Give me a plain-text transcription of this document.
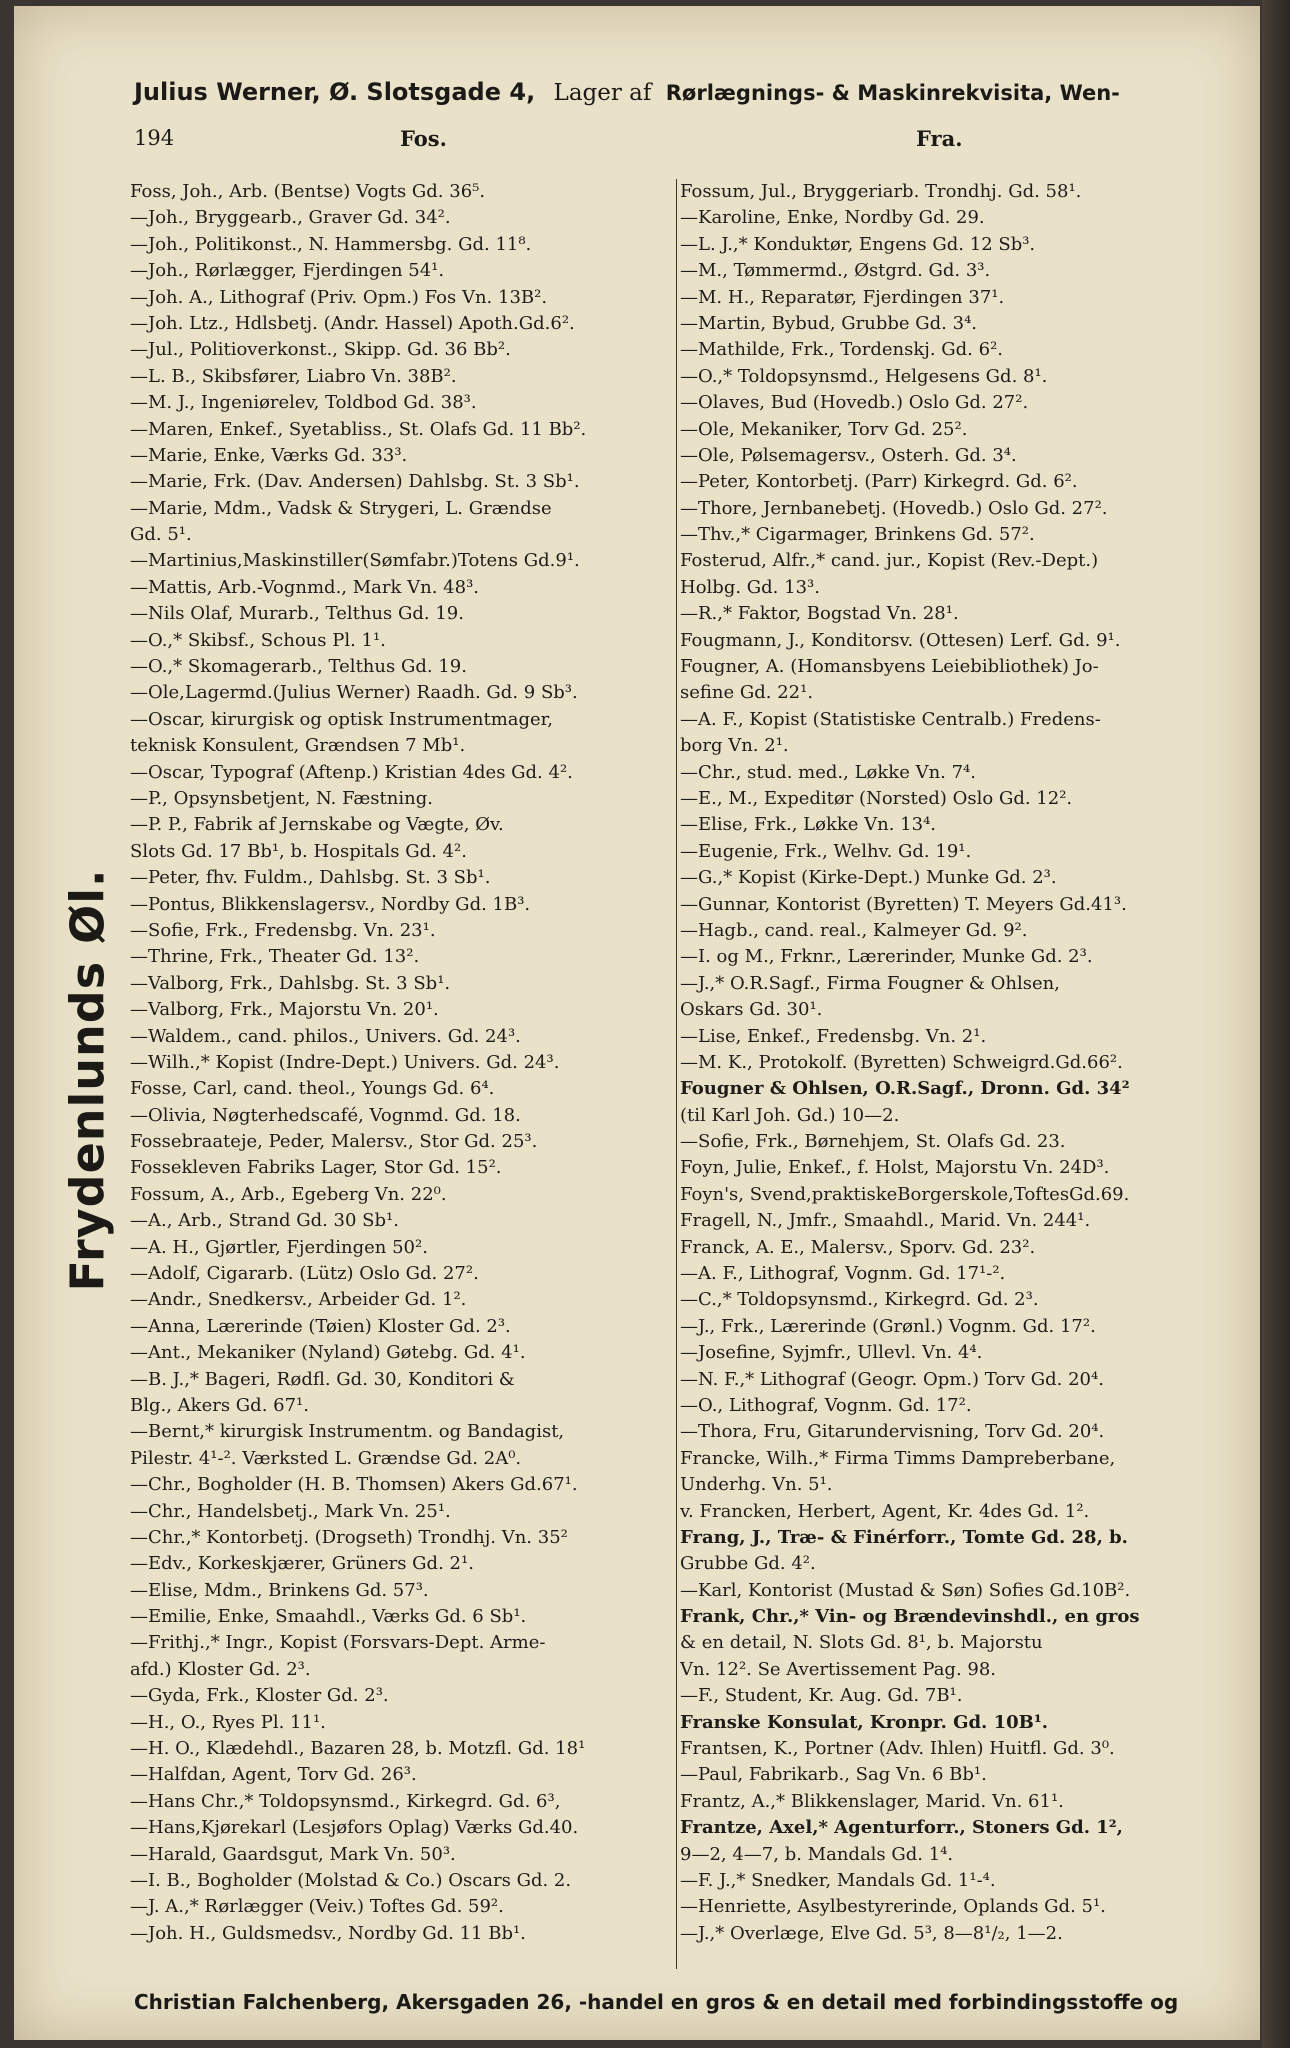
Julius Werner, Ø. Slotsgade 4, Lager af Rørlægnings- & Maskinrekvisita, Wen-
194	Fos.	Fra.
Frydenlunds Øl.
Foss, Joh., Arb. (Bentse) Vogts Gd. 36⁵.
—Joh., Bryggearb., Graver Gd. 34².
—Joh., Politikonst., N. Hammersbg. Gd. 11⁸.
—Joh., Rørlægger, Fjerdingen 54¹.
—Joh. A., Lithograf (Priv. Opm.) Fos Vn. 13B².
—Joh. Ltz., Hdlsbetj. (Andr. Hassel) Apoth.Gd.6².
—Jul., Politioverkonst., Skipp. Gd. 36 Bb².
—L. B., Skibsfører, Liabro Vn. 38B².
—M. J., Ingeniørelev, Toldbod Gd. 38³.
—Maren, Enkef., Syetabliss., St. Olafs Gd. 11 Bb².
—Marie, Enke, Værks Gd. 33³.
—Marie, Frk. (Dav. Andersen) Dahlsbg. St. 3 Sb¹.
—Marie, Mdm., Vadsk & Strygeri, L. Grændse
Gd. 5¹.
—Martinius,Maskinstiller(Sømfabr.)Totens Gd.9¹.
—Mattis, Arb.-Vognmd., Mark Vn. 48³.
—Nils Olaf, Murarb., Telthus Gd. 19.
—O.,* Skibsf., Schous Pl. 1¹.
—O.,* Skomagerarb., Telthus Gd. 19.
—Ole,Lagermd.(Julius Werner) Raadh. Gd. 9 Sb³.
—Oscar, kirurgisk og optisk Instrumentmager,
teknisk Konsulent, Grændsen 7 Mb¹.
—Oscar, Typograf (Aftenp.) Kristian 4des Gd. 4².
—P., Opsynsbetjent, N. Fæstning.
—P. P., Fabrik af Jernskabe og Vægte, Øv.
Slots Gd. 17 Bb¹, b. Hospitals Gd. 4².
—Peter, fhv. Fuldm., Dahlsbg. St. 3 Sb¹.
—Pontus, Blikkenslagersv., Nordby Gd. 1B³.
—Sofie, Frk., Fredensbg. Vn. 23¹.
—Thrine, Frk., Theater Gd. 13².
—Valborg, Frk., Dahlsbg. St. 3 Sb¹.
—Valborg, Frk., Majorstu Vn. 20¹.
—Waldem., cand. philos., Univers. Gd. 24³.
—Wilh.,* Kopist (Indre-Dept.) Univers. Gd. 24³.
Fosse, Carl, cand. theol., Youngs Gd. 6⁴.
—Olivia, Nøgterhedscafé, Vognmd. Gd. 18.
Fossebraateje, Peder, Malersv., Stor Gd. 25³.
Fossekleven Fabriks Lager, Stor Gd. 15².
Fossum, A., Arb., Egeberg Vn. 22⁰.
—A., Arb., Strand Gd. 30 Sb¹.
—A. H., Gjørtler, Fjerdingen 50².
—Adolf, Cigararb. (Lütz) Oslo Gd. 27².
—Andr., Snedkersv., Arbeider Gd. 1².
—Anna, Lærerinde (Tøien) Kloster Gd. 2³.
—Ant., Mekaniker (Nyland) Gøtebg. Gd. 4¹.
—B. J.,* Bageri, Rødfl. Gd. 30, Konditori &
Blg., Akers Gd. 67¹.
—Bernt,* kirurgisk Instrumentm. og Bandagist,
Pilestr. 4¹-². Værksted L. Grændse Gd. 2A⁰.
—Chr., Bogholder (H. B. Thomsen) Akers Gd.67¹.
—Chr., Handelsbetj., Mark Vn. 25¹.
—Chr.,* Kontorbetj. (Drogseth) Trondhj. Vn. 35²
—Edv., Korkeskjærer, Grüners Gd. 2¹.
—Elise, Mdm., Brinkens Gd. 57³.
—Emilie, Enke, Smaahdl., Værks Gd. 6 Sb¹.
—Frithj.,* Ingr., Kopist (Forsvars-Dept. Arme-
afd.) Kloster Gd. 2³.
—Gyda, Frk., Kloster Gd. 2³.
—H., O., Ryes Pl. 11¹.
—H. O., Klædehdl., Bazaren 28, b. Motzfl. Gd. 18¹
—Halfdan, Agent, Torv Gd. 26³.
—Hans Chr.,* Toldopsynsmd., Kirkegrd. Gd. 6³,
—Hans,Kjørekarl (Lesjøfors Oplag) Værks Gd.40.
—Harald, Gaardsgut, Mark Vn. 50³.
—I. B., Bogholder (Molstad & Co.) Oscars Gd. 2.
—J. A.,* Rørlægger (Veiv.) Toftes Gd. 59².
—Joh. H., Guldsmedsv., Nordby Gd. 11 Bb¹.
Fossum, Jul., Bryggeriarb. Trondhj. Gd. 58¹.
—Karoline, Enke, Nordby Gd. 29.
—L. J.,* Konduktør, Engens Gd. 12 Sb³.
—M., Tømmermd., Østgrd. Gd. 3³.
—M. H., Reparatør, Fjerdingen 37¹.
—Martin, Bybud, Grubbe Gd. 3⁴.
—Mathilde, Frk., Tordenskj. Gd. 6².
—O.,* Toldopsynsmd., Helgesens Gd. 8¹.
—Olaves, Bud (Hovedb.) Oslo Gd. 27².
—Ole, Mekaniker, Torv Gd. 25².
—Ole, Pølsemagersv., Osterh. Gd. 3⁴.
—Peter, Kontorbetj. (Parr) Kirkegrd. Gd. 6².
—Thore, Jernbanebetj. (Hovedb.) Oslo Gd. 27².
—Thv.,* Cigarmager, Brinkens Gd. 57².
Fosterud, Alfr.,* cand. jur., Kopist (Rev.-Dept.)
Holbg. Gd. 13³.
—R.,* Faktor, Bogstad Vn. 28¹.
Fougmann, J., Konditorsv. (Ottesen) Lerf. Gd. 9¹.
Fougner, A. (Homansbyens Leiebibliothek) Jo-
sefine Gd. 22¹.
—A. F., Kopist (Statistiske Centralb.) Fredens-
borg Vn. 2¹.
—Chr., stud. med., Løkke Vn. 7⁴.
—E., M., Expeditør (Norsted) Oslo Gd. 12².
—Elise, Frk., Løkke Vn. 13⁴.
—Eugenie, Frk., Welhv. Gd. 19¹.
—G.,* Kopist (Kirke-Dept.) Munke Gd. 2³.
—Gunnar, Kontorist (Byretten) T. Meyers Gd.41³.
—Hagb., cand. real., Kalmeyer Gd. 9².
—I. og M., Frknr., Lærerinder, Munke Gd. 2³.
—J.,* O.R.Sagf., Firma Fougner & Ohlsen,
Oskars Gd. 30¹.
—Lise, Enkef., Fredensbg. Vn. 2¹.
—M. K., Protokolf. (Byretten) Schweigrd.Gd.66².
Fougner & Ohlsen, O.R.Sagf., Dronn. Gd. 34²
(til Karl Joh. Gd.) 10—2.
—Sofie, Frk., Børnehjem, St. Olafs Gd. 23.
Foyn, Julie, Enkef., f. Holst, Majorstu Vn. 24D³.
Foyn's, Svend,praktiskeBorgerskole,ToftesGd.69.
Fragell, N., Jmfr., Smaahdl., Marid. Vn. 244¹.
Franck, A. E., Malersv., Sporv. Gd. 23².
—A. F., Lithograf, Vognm. Gd. 17¹-².
—C.,* Toldopsynsmd., Kirkegrd. Gd. 2³.
—J., Frk., Lærerinde (Grønl.) Vognm. Gd. 17².
—Josefine, Syjmfr., Ullevl. Vn. 4⁴.
—N. F.,* Lithograf (Geogr. Opm.) Torv Gd. 20⁴.
—O., Lithograf, Vognm. Gd. 17².
—Thora, Fru, Gitarundervisning, Torv Gd. 20⁴.
Francke, Wilh.,* Firma Timms Dampreberbane,
Underhg. Vn. 5¹.
v. Francken, Herbert, Agent, Kr. 4des Gd. 1².
Frang, J., Træ- & Finérforr., Tomte Gd. 28, b.
Grubbe Gd. 4².
—Karl, Kontorist (Mustad & Søn) Sofies Gd.10B².
Frank, Chr.,* Vin- og Brændevinshdl., en gros
& en detail, N. Slots Gd. 8¹, b. Majorstu
Vn. 12². Se Avertissement Pag. 98.
—F., Student, Kr. Aug. Gd. 7B¹.
Franske Konsulat, Kronpr. Gd. 10B¹.
Frantsen, K., Portner (Adv. Ihlen) Huitfl. Gd. 3⁰.
—Paul, Fabrikarb., Sag Vn. 6 Bb¹.
Frantz, A.,* Blikkenslager, Marid. Vn. 61¹.
Frantze, Axel,* Agenturforr., Stoners Gd. 1²,
9—2, 4—7, b. Mandals Gd. 1⁴.
—F. J.,* Snedker, Mandals Gd. 1¹-⁴.
—Henriette, Asylbestyrerinde, Oplands Gd. 5¹.
—J.,* Overlæge, Elve Gd. 5³, 8—8¹/₂, 1—2.
Christian Falchenberg, Akersgaden 26, -handel en gros & en detail med forbindingsstoffe og
